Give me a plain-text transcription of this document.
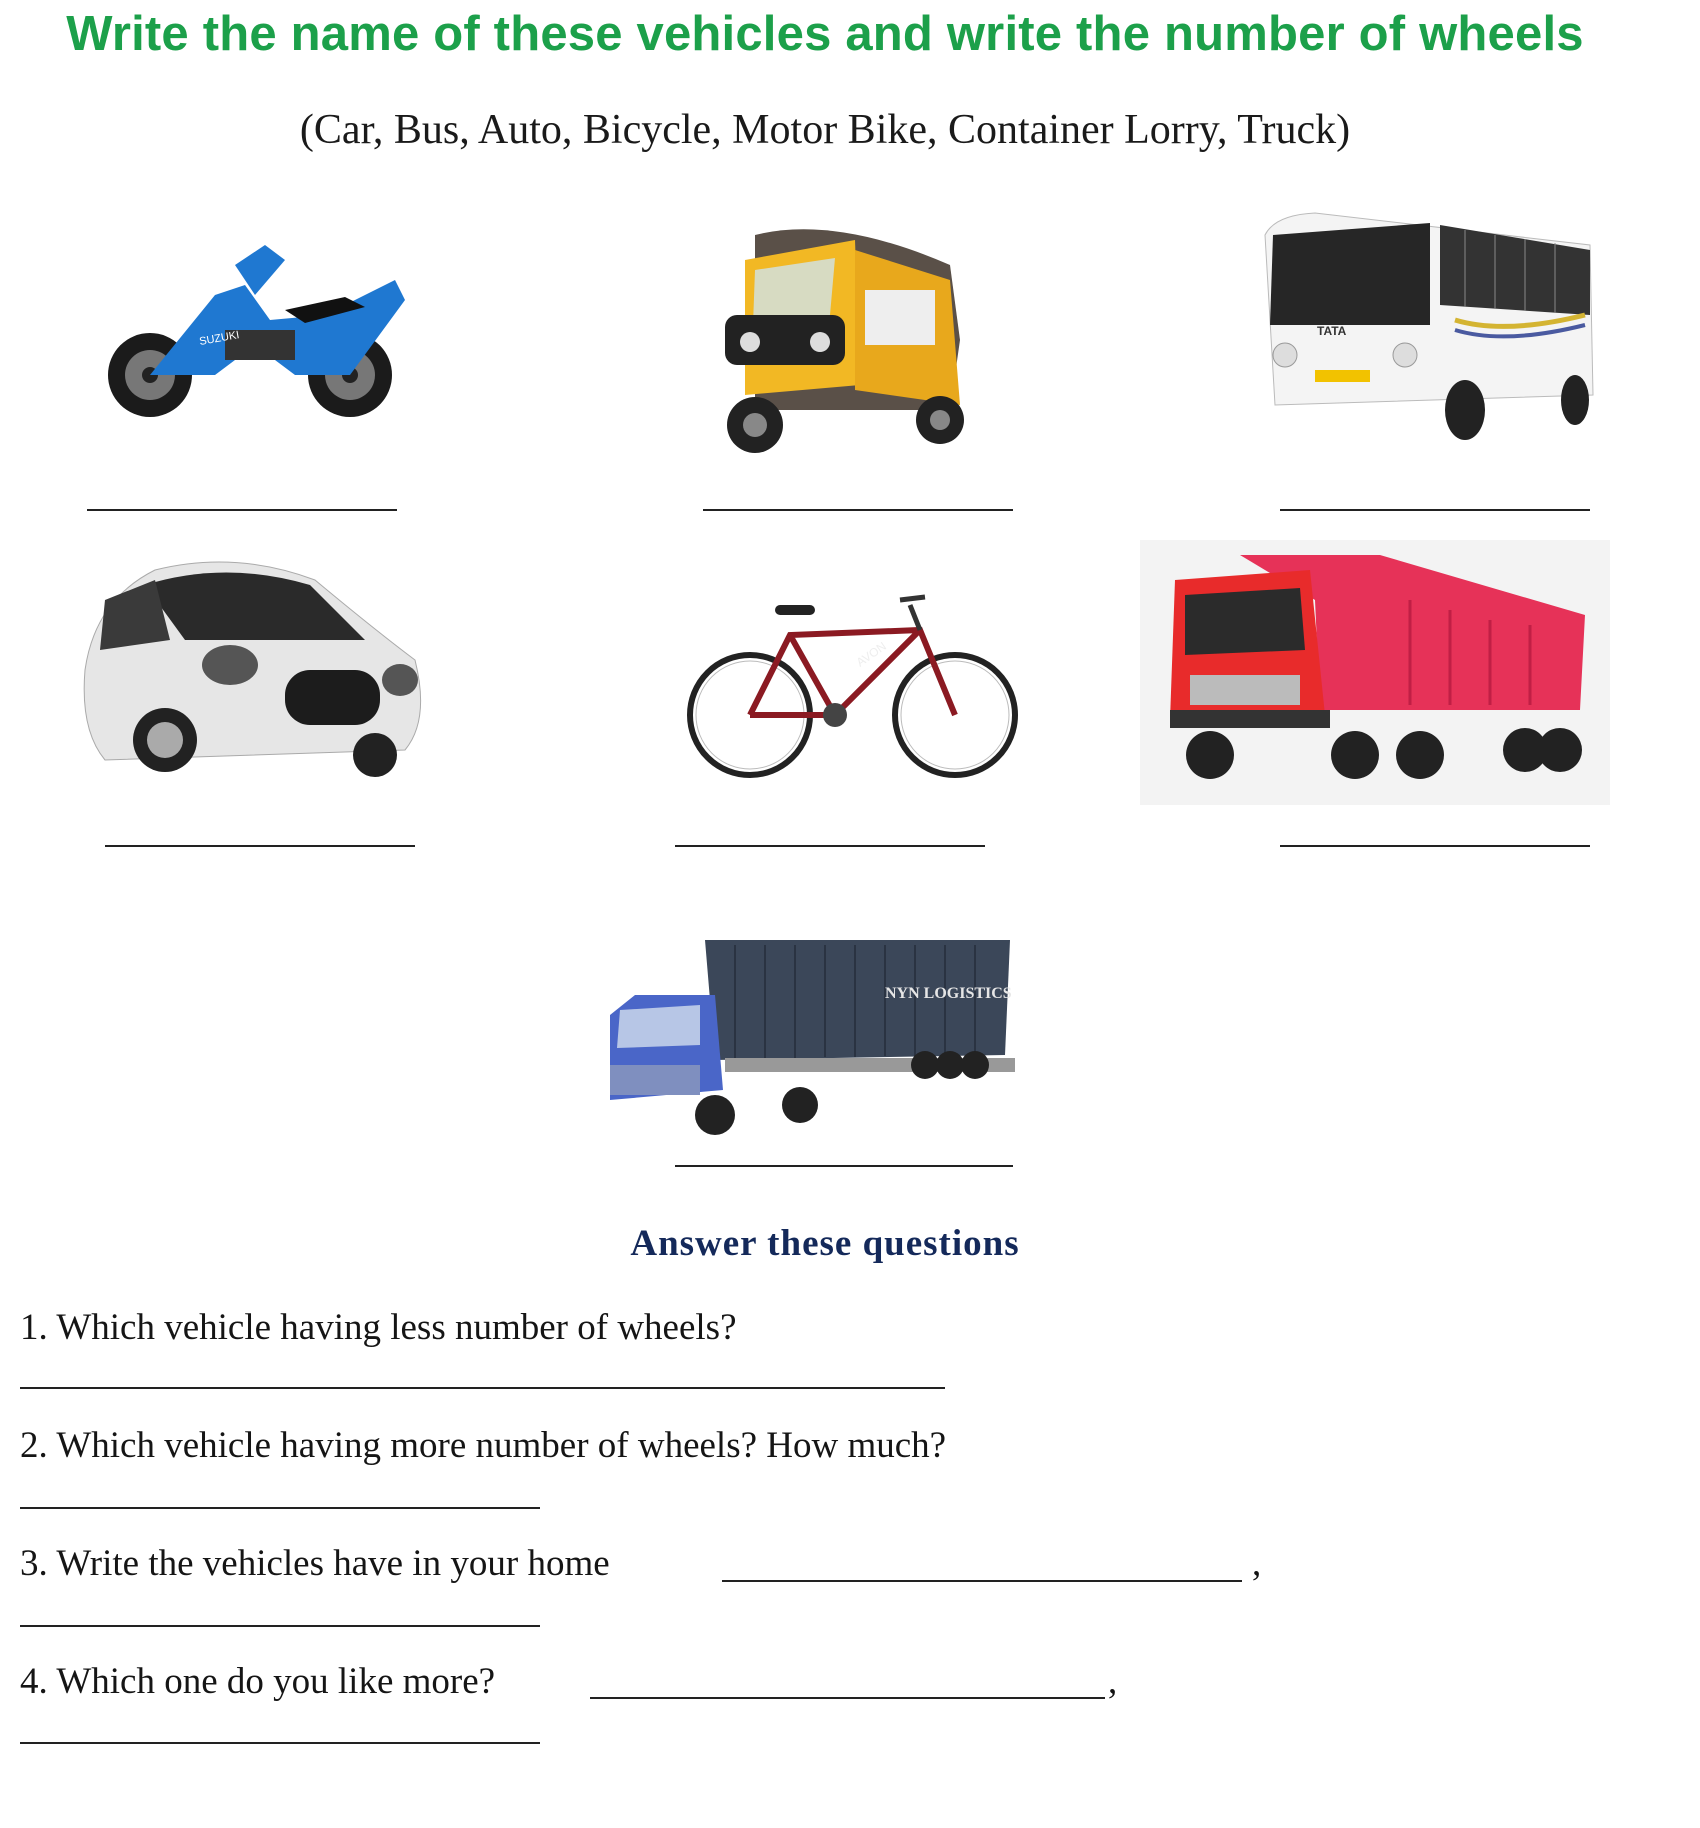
Write the name of these vehicles and write the number of wheels
(Car, Bus, Auto, Bicycle, Motor Bike, Container Lorry, Truck)
SUZUKI	TATA
AVON
NYN LOGISTICS
Answer these questions
1. Which vehicle having less number of wheels?
2. Which vehicle having more number of wheels? How much?
3. Write the vehicles have in your home	,
4. Which one do you like more?	,
